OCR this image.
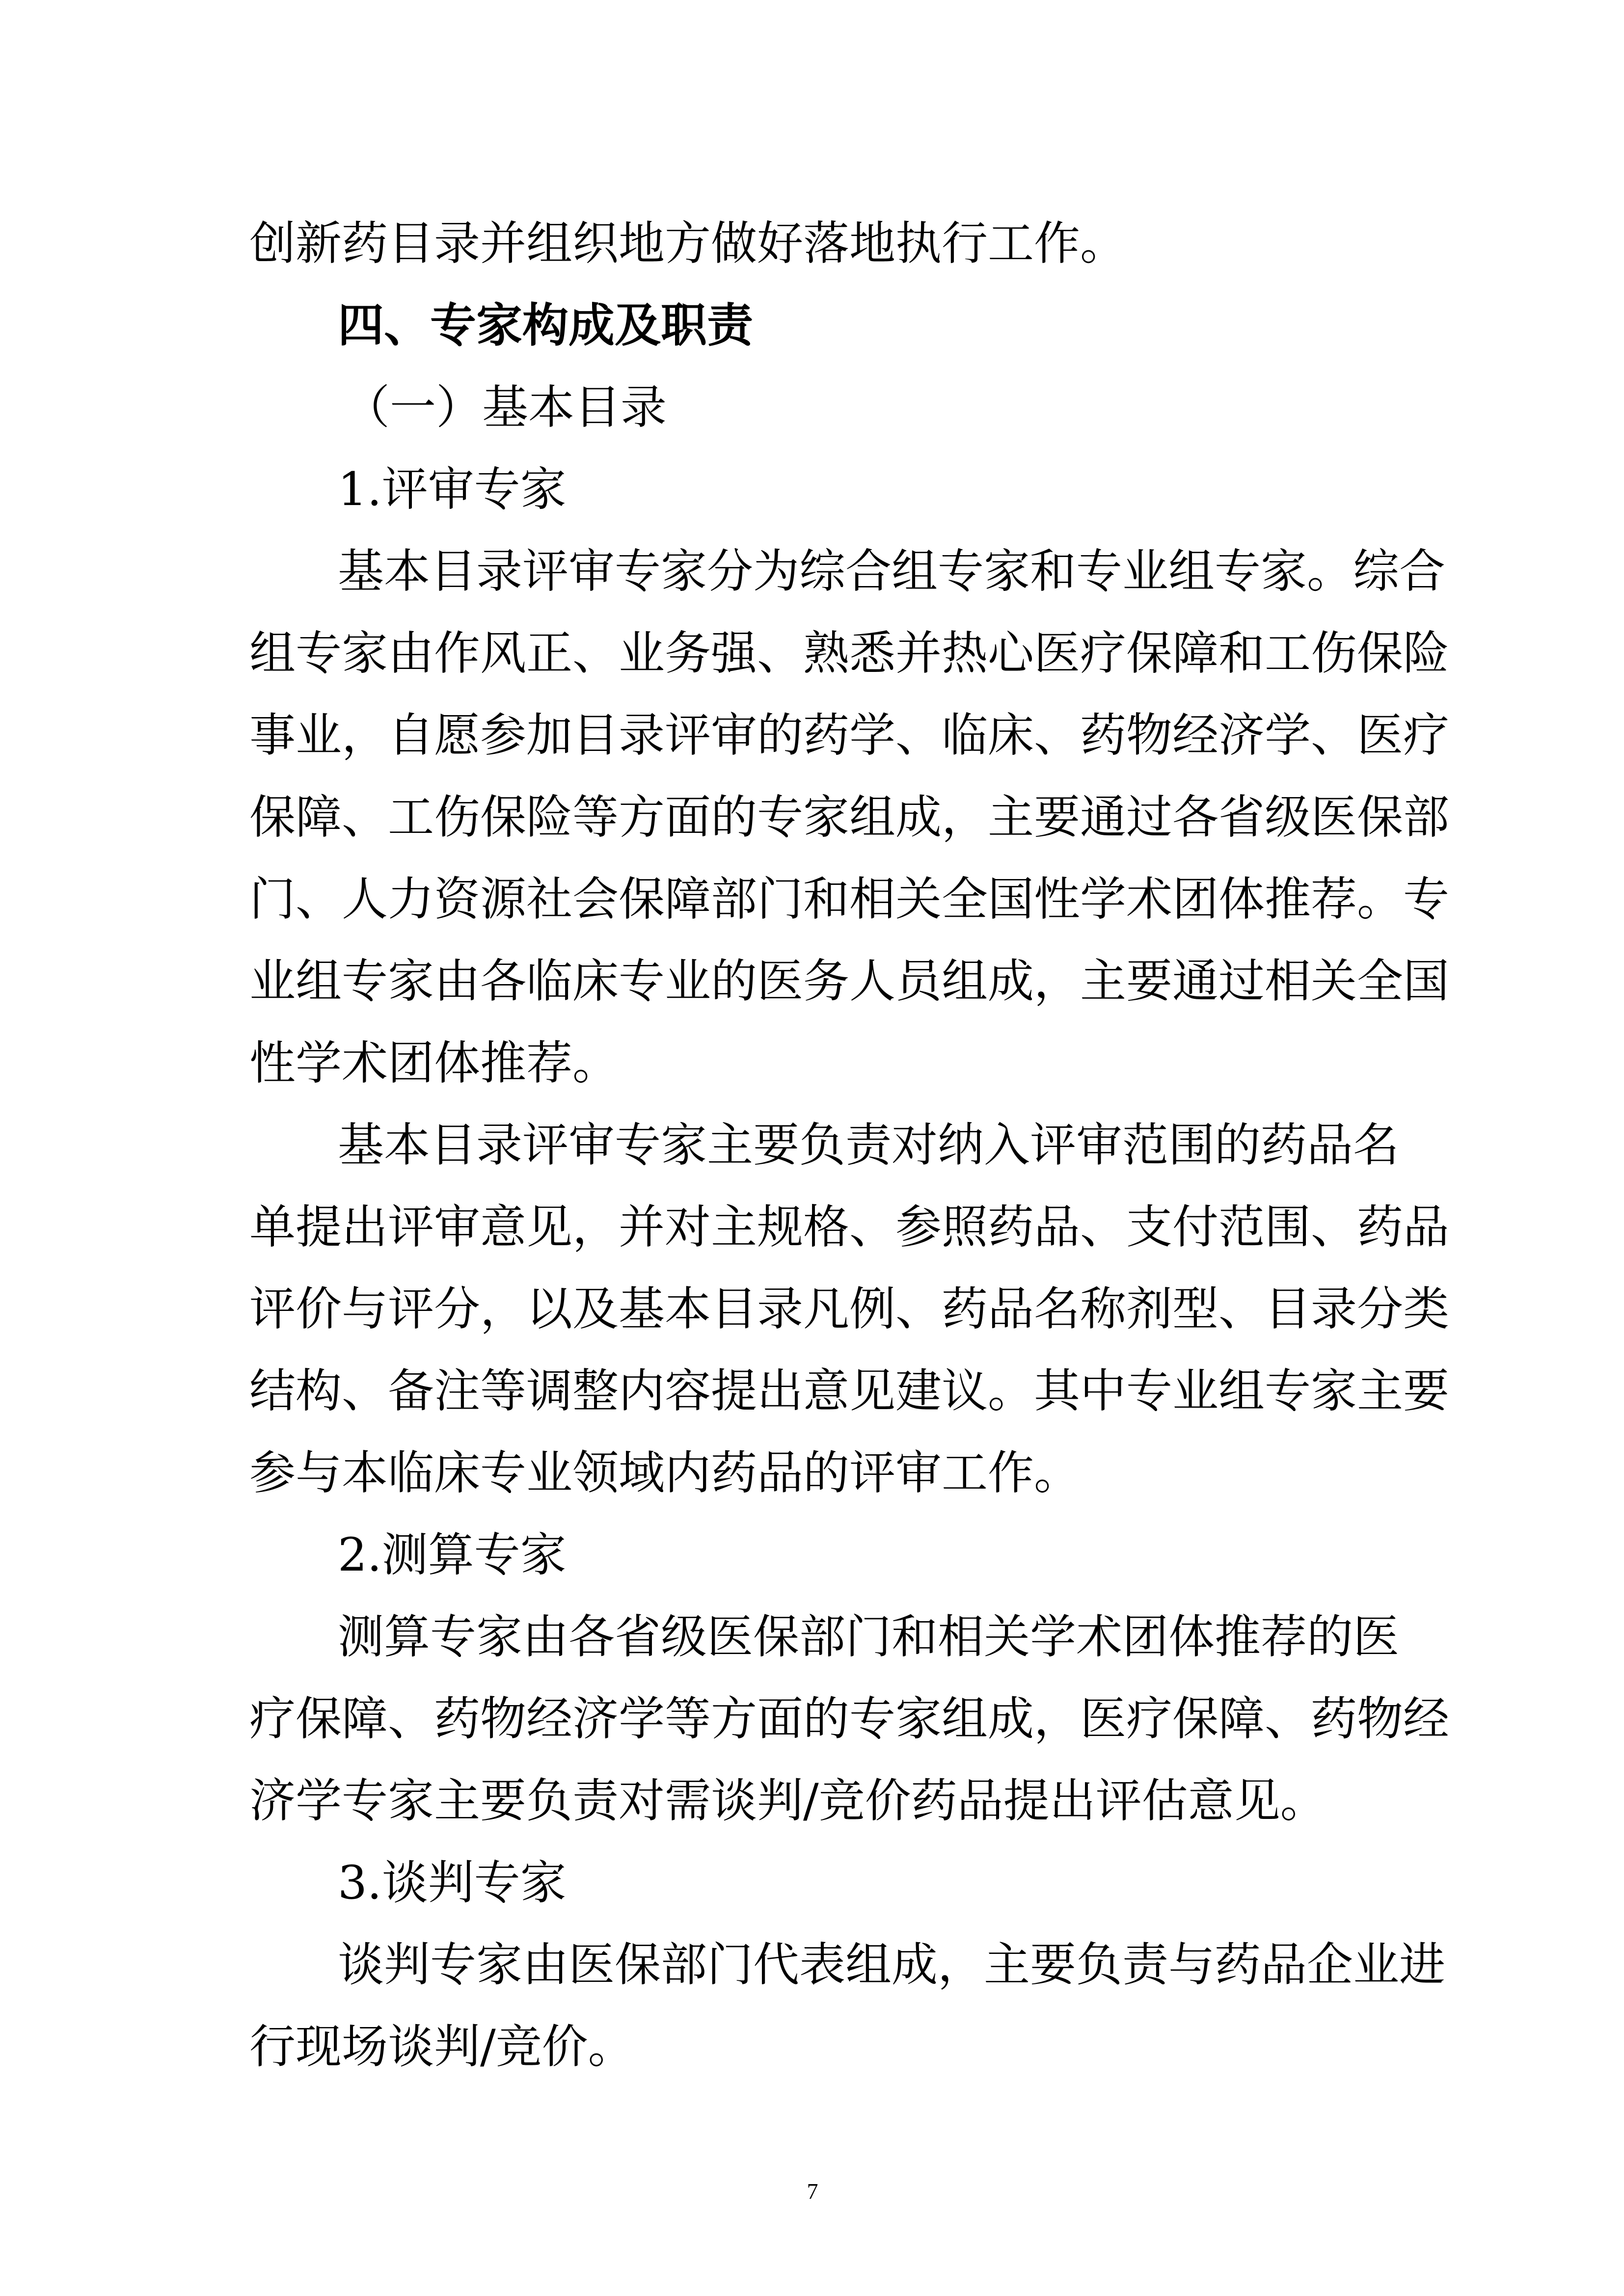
创新药目录并组织地方做好落地执行工作。
四、专家构成及职责
（一）基本目录
1.评审专家
基本目录评审专家分为综合组专家和专业组专家。综合
组专家由作风正、业务强、熟悉并热心医疗保障和工伤保险
事业，自愿参加目录评审的药学、临床、药物经济学、医疗
保障、工伤保险等方面的专家组成，主要通过各省级医保部
门、人力资源社会保障部门和相关全国性学术团体推荐。专
业组专家由各临床专业的医务人员组成，主要通过相关全国
性学术团体推荐。
基本目录评审专家主要负责对纳入评审范围的药品名
单提出评审意见，并对主规格、参照药品、支付范围、药品
评价与评分，以及基本目录凡例、药品名称剂型、目录分类
结构、备注等调整内容提出意见建议。其中专业组专家主要
参与本临床专业领域内药品的评审工作。
2.测算专家
测算专家由各省级医保部门和相关学术团体推荐的医
疗保障、药物经济学等方面的专家组成，医疗保障、药物经
济学专家主要负责对需谈判/竞价药品提出评估意见。
3.谈判专家
谈判专家由医保部门代表组成，主要负责与药品企业进
行现场谈判/竞价。
7
